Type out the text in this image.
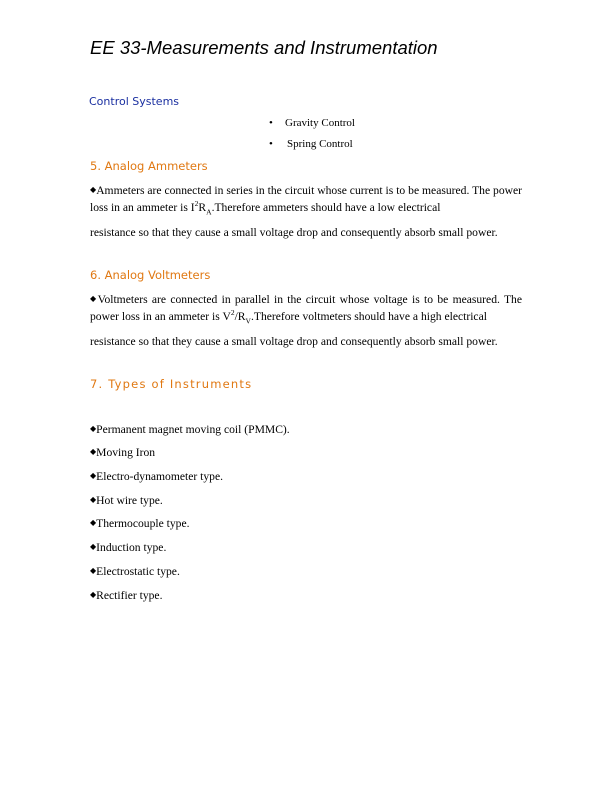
EE 33-Measurements and Instrumentation
Control Systems
• Gravity Control
• Spring Control
5. Analog Ammeters

◆Ammeters are connected in series in the circuit whose current is to be measured. The power loss in an ammeter is $I^2R_A.Therefore$ ammeters should have a low electrical

resistance so that they cause a small voltage drop and consequently absorb small power.

6. Analog Voltmeters

◆Voltmeters are connected in parallel in the circuit whose voltage is to be measured. The power loss in an ammeter is $V^2/R_V.Therefore$ voltmeters should have a high electrical

resistance so that they cause a small voltage drop and consequently absorb small power.

7. Types of Instruments
◆Permanent magnet moving coil (PMMC).
◆Moving Iron
◆Electro-dynamometer type.
◆Hot wire type.
◆Thermocouple type.
◆Induction type.
◆Electrostatic type.
◆Rectifier type.
